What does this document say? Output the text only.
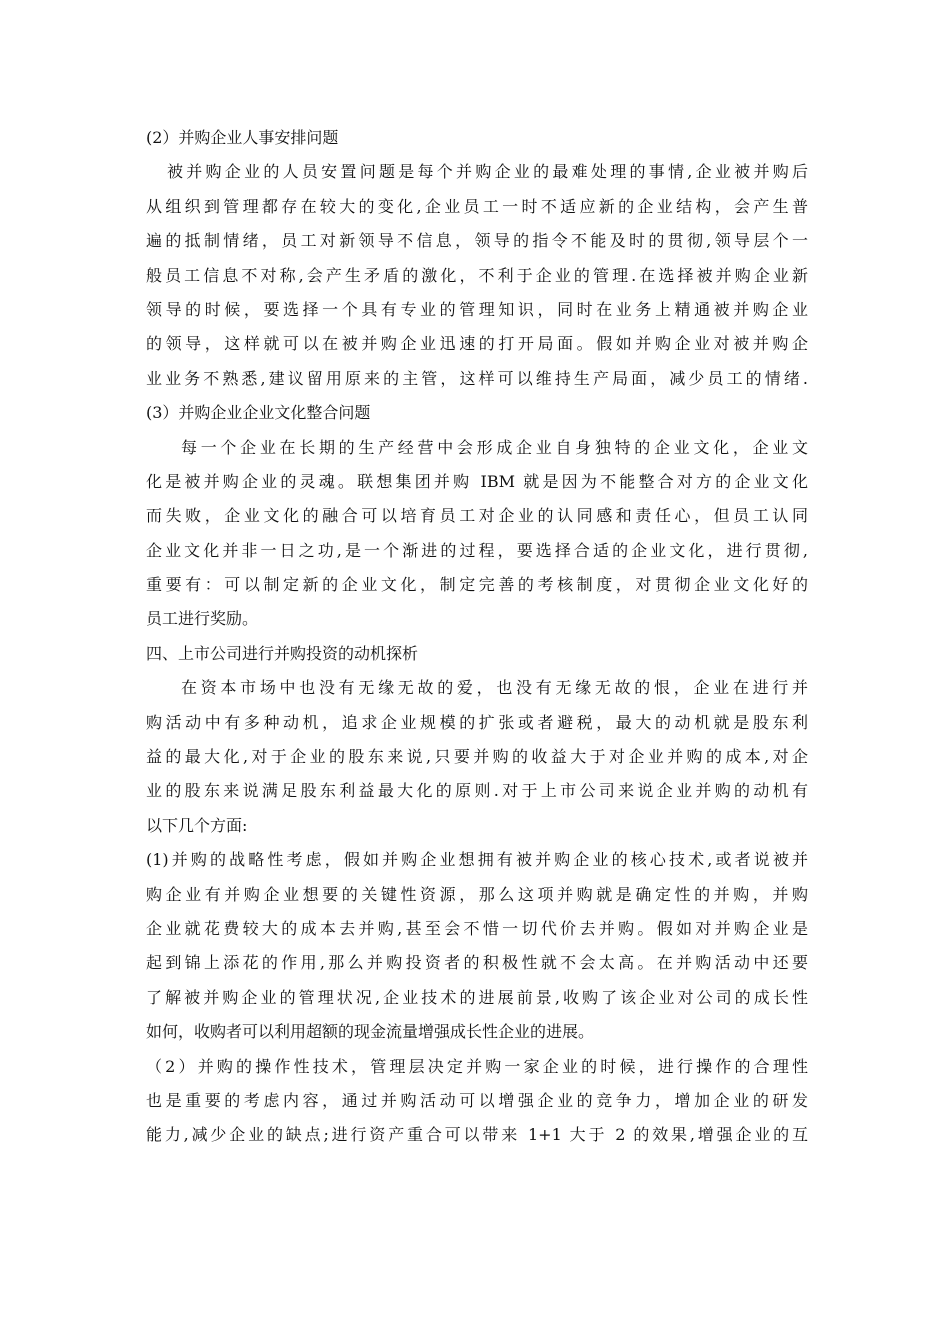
(2）并购企业人事安排问题
被并购企业的人员安置问题是每个并购企业的最难处理的事情,企业被并购后
从组织到管理都存在较大的变化,企业员工一时不适应新的企业结构，会产生普
遍的抵制情绪，员工对新领导不信息，领导的指令不能及时的贯彻,领导层个一
般员工信息不对称,会产生矛盾的激化，不利于企业的管理.在选择被并购企业新
领导的时候，要选择一个具有专业的管理知识，同时在业务上精通被并购企业
的领导，这样就可以在被并购企业迅速的打开局面。假如并购企业对被并购企
业业务不熟悉,建议留用原来的主管，这样可以维持生产局面，减少员工的情绪.
(3）并购企业企业文化整合问题
每一个企业在长期的生产经营中会形成企业自身独特的企业文化，企业文
化是被并购企业的灵魂。联想集团并购 IBM 就是因为不能整合对方的企业文化
而失败，企业文化的融合可以培育员工对企业的认同感和责任心，但员工认同
企业文化并非一日之功,是一个渐进的过程，要选择合适的企业文化，进行贯彻,
重要有：可以制定新的企业文化，制定完善的考核制度，对贯彻企业文化好的
员工进行奖励。
四、上市公司进行并购投资的动机探析
在资本市场中也没有无缘无故的爱，也没有无缘无故的恨，企业在进行并
购活动中有多种动机，追求企业规模的扩张或者避税，最大的动机就是股东利
益的最大化,对于企业的股东来说,只要并购的收益大于对企业并购的成本,对企
业的股东来说满足股东利益最大化的原则.对于上市公司来说企业并购的动机有
以下几个方面:
(1)并购的战略性考虑，假如并购企业想拥有被并购企业的核心技术,或者说被并
购企业有并购企业想要的关键性资源，那么这项并购就是确定性的并购，并购
企业就花费较大的成本去并购,甚至会不惜一切代价去并购。假如对并购企业是
起到锦上添花的作用,那么并购投资者的积极性就不会太高。在并购活动中还要
了解被并购企业的管理状况,企业技术的进展前景,收购了该企业对公司的成长性
如何，收购者可以利用超额的现金流量增强成长性企业的进展。
（2）并购的操作性技术，管理层决定并购一家企业的时候，进行操作的合理性
也是重要的考虑内容，通过并购活动可以增强企业的竞争力，增加企业的研发
能力,减少企业的缺点;进行资产重合可以带来 1+1 大于 2 的效果,增强企业的互
